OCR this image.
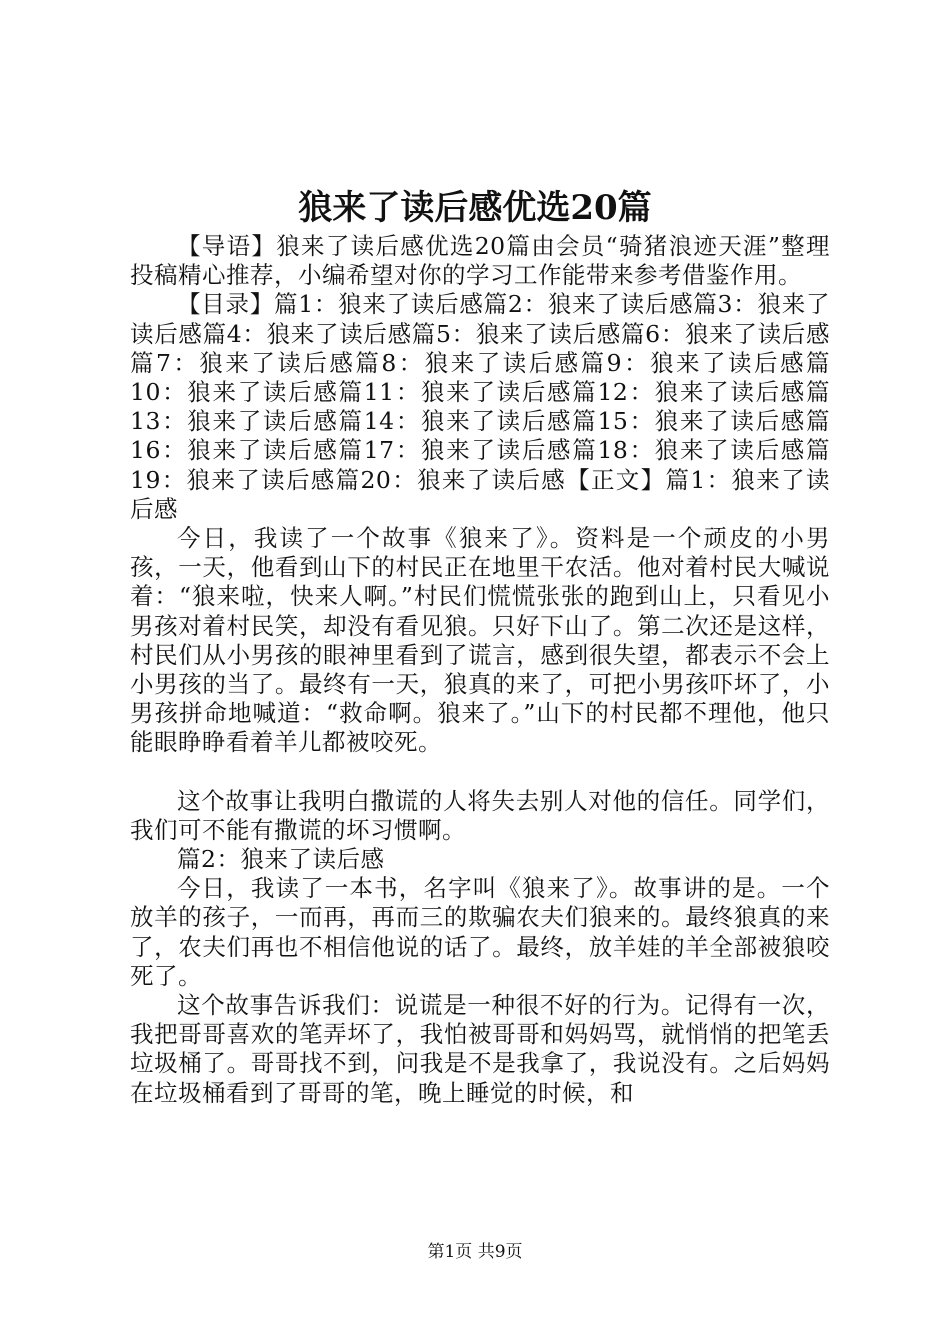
狼来了读后感优选20篇

【导语】狼来了读后感优选20篇由会员“骑猪浪迹天涯”整理投稿精心推荐，小编希望对你的学习工作能带来参考借鉴作用。

【目录】篇1：狼来了读后感篇2：狼来了读后感篇3：狼来了读后感篇4：狼来了读后感篇5：狼来了读后感篇6：狼来了读后感篇7：狼来了读后感篇8：狼来了读后感篇9：狼来了读后感篇10：狼来了读后感篇11：狼来了读后感篇12：狼来了读后感篇13：狼来了读后感篇14：狼来了读后感篇15：狼来了读后感篇16：狼来了读后感篇17：狼来了读后感篇18：狼来了读后感篇19：狼来了读后感篇20：狼来了读后感【正文】篇1：狼来了读后感

今日，我读了一个故事《狼来了》。资料是一个顽皮的小男孩，一天，他看到山下的村民正在地里干农活。他对着村民大喊说着：“狼来啦，快来人啊。”村民们慌慌张张的跑到山上，只看见小男孩对着村民笑，却没有看见狼。只好下山了。第二次还是这样，村民们从小男孩的眼神里看到了谎言，感到很失望，都表示不会上小男孩的当了。最终有一天，狼真的来了，可把小男孩吓坏了，小男孩拼命地喊道：“救命啊。狼来了。”山下的村民都不理他，他只能眼睁睁看着羊儿都被咬死。

这个故事让我明白撒谎的人将失去别人对他的信任。同学们，我们可不能有撒谎的坏习惯啊。

篇2：狼来了读后感

今日，我读了一本书，名字叫《狼来了》。故事讲的是。一个放羊的孩子，一而再，再而三的欺骗农夫们狼来的。最终狼真的来了，农夫们再也不相信他说的话了。最终，放羊娃的羊全部被狼咬死了。

这个故事告诉我们：说谎是一种很不好的行为。记得有一次，我把哥哥喜欢的笔弄坏了，我怕被哥哥和妈妈骂，就悄悄的把笔丢垃圾桶了。哥哥找不到，问我是不是我拿了，我说没有。之后妈妈在垃圾桶看到了哥哥的笔，晚上睡觉的时候，和

第1页 共9页
